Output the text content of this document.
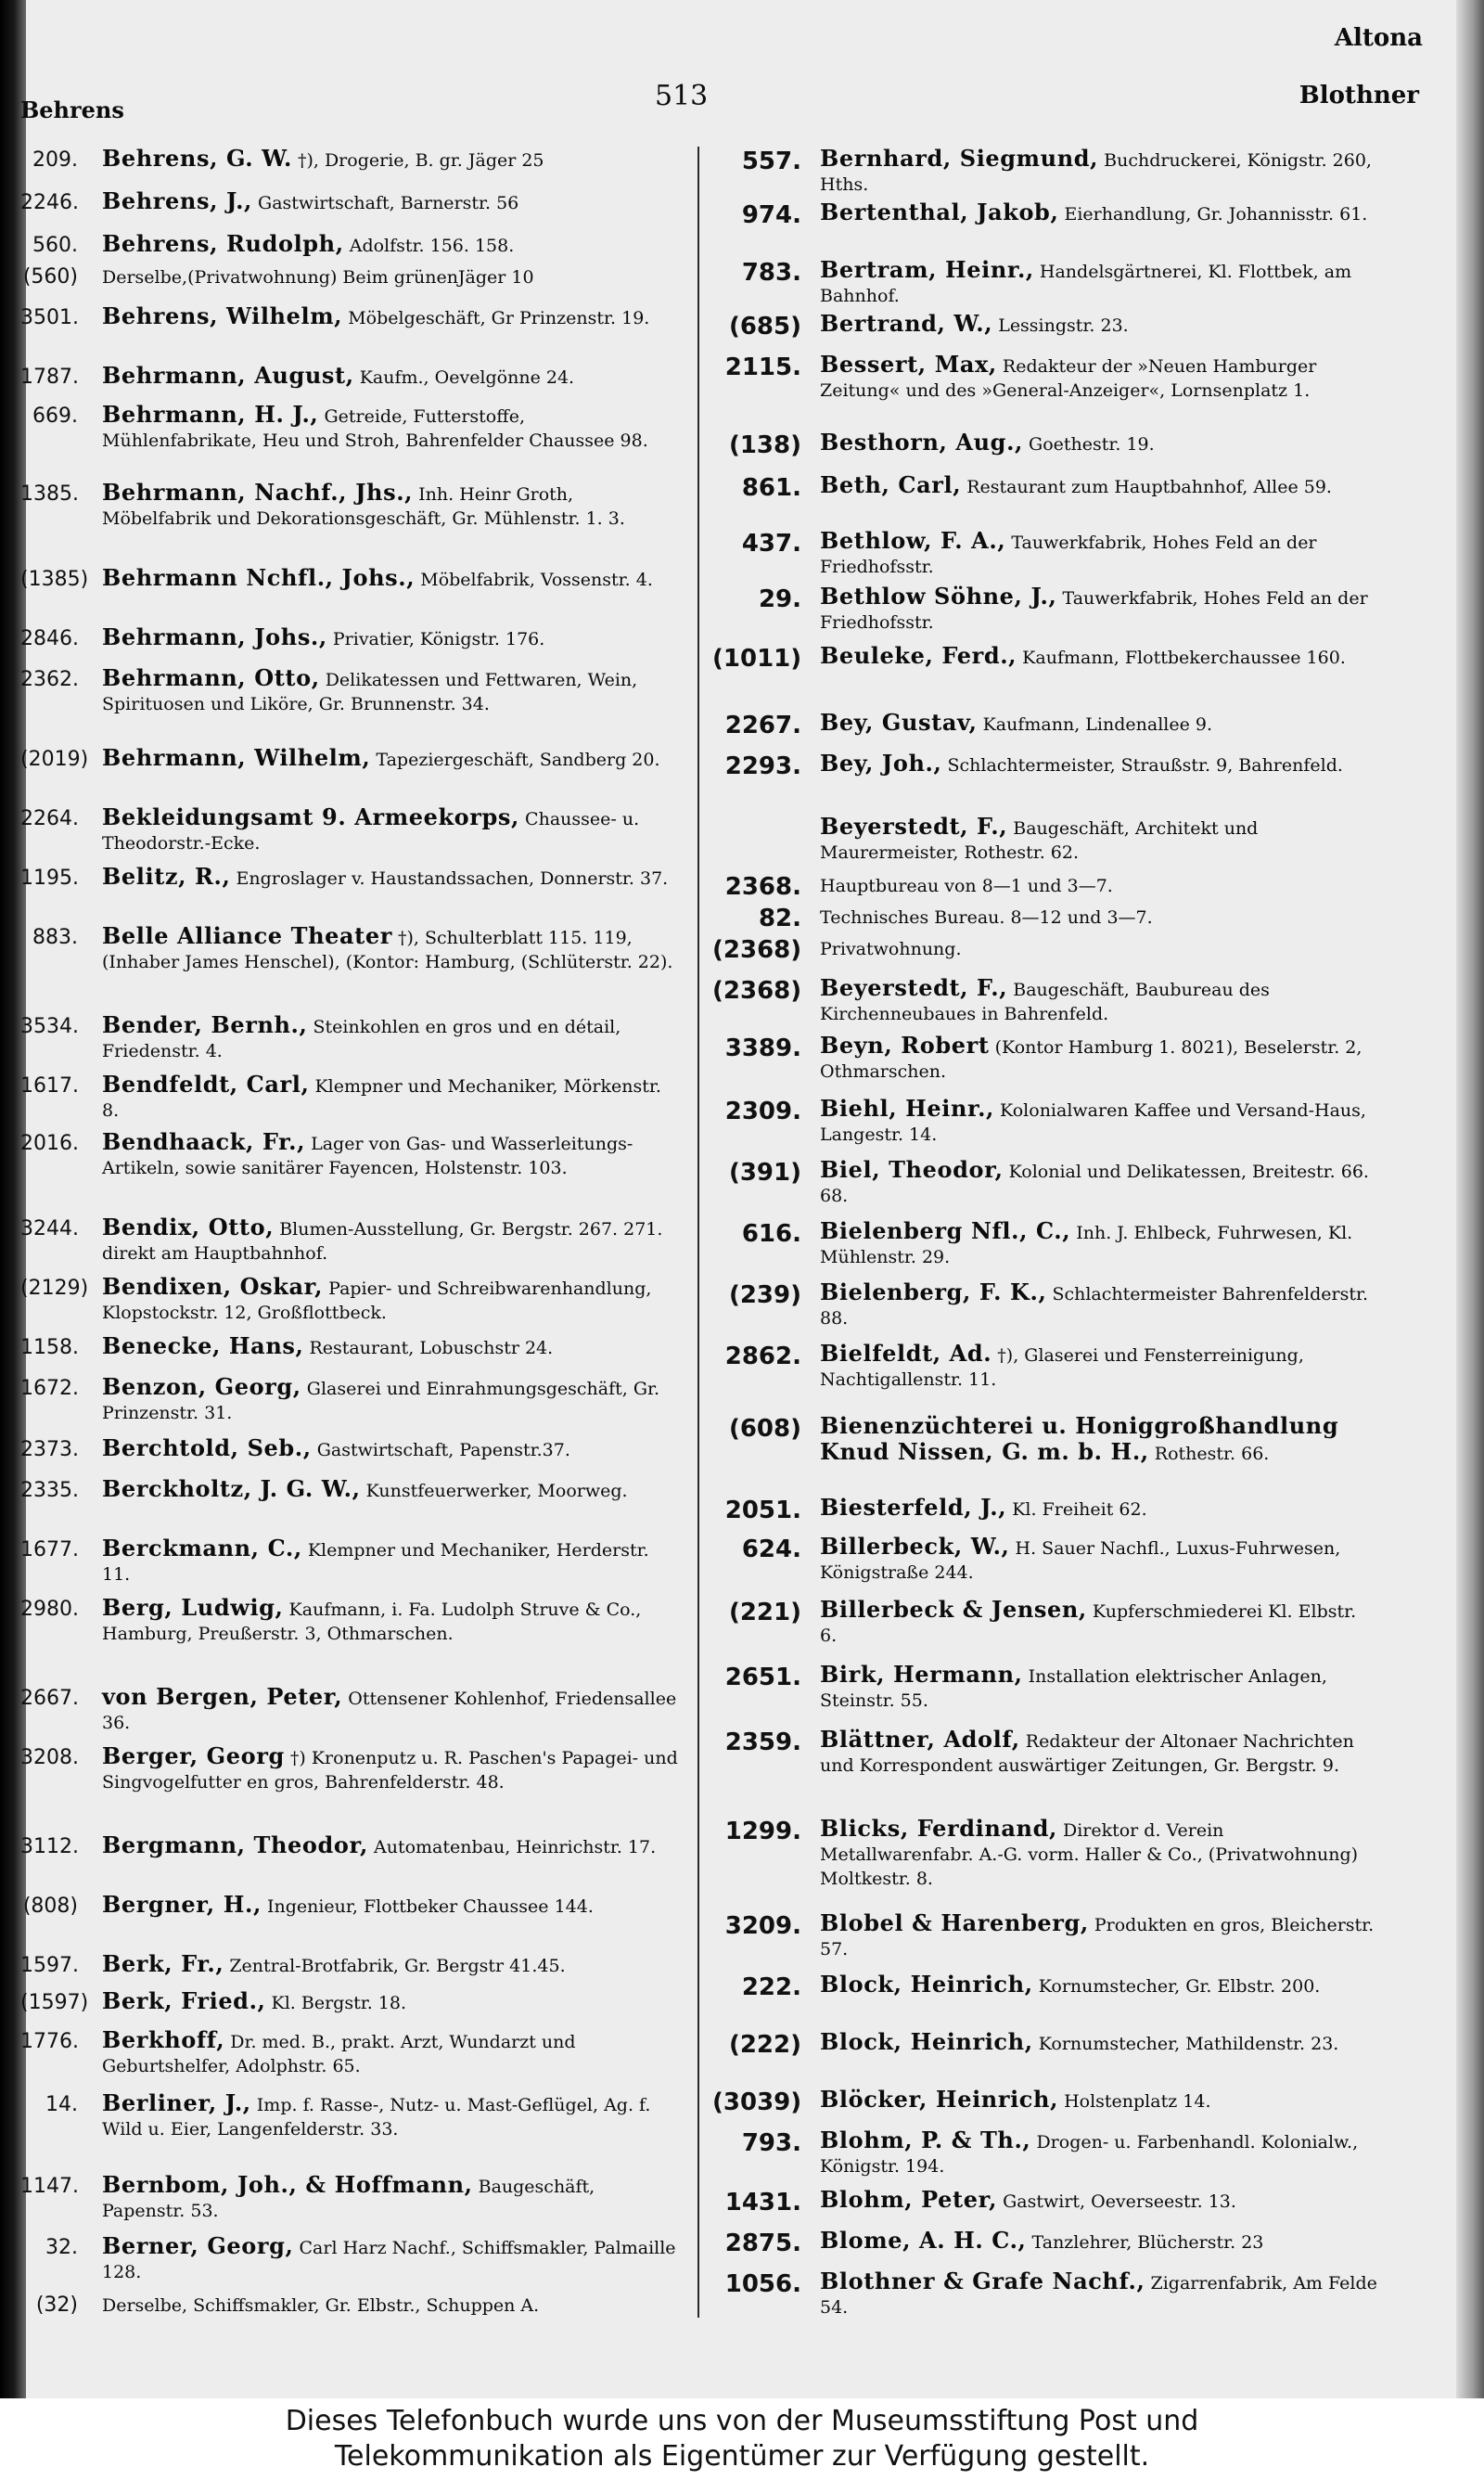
Behrens	513
Altona
Blothner
209.	Behrens, G. W. †), Drogerie, B. gr. Jäger 25
2246.	Behrens, J., Gastwirtschaft, Barnerstr. 56
560.	Behrens, Rudolph, Adolfstr. 156. 158.
(560)	Derselbe,(Privatwohnung) Beim grünenJäger 10
3501.	Behrens, Wilhelm, Möbelgeschäft, Gr Prinzenstr. 19.
1787.	Behrmann, August, Kaufm., Oevelgönne 24.
669.	Behrmann, H. J., Getreide, Futterstoffe, Mühlenfabrikate, Heu und Stroh, Bahrenfelder Chaussee 98.
1385.	Behrmann, Nachf., Jhs., Inh. Heinr Groth, Möbelfabrik und Dekorationsgeschäft, Gr. Mühlenstr. 1. 3.
(1385) Behrmann Nchfl., Johs., Möbelfabrik, Vossenstr. 4.
2846.	Behrmann, Johs., Privatier, Königstr. 176.
2362.	Behrmann, Otto, Delikatessen und Fettwaren, Wein, Spirituosen und Liköre, Gr. Brunnenstr. 34.
(2019) Behrmann, Wilhelm, Tapeziergeschäft, Sandberg 20.
2264.	Bekleidungsamt 9. Armeekorps, Chaussee- u. Theodorstr.-Ecke.
1195.	Belitz, R., Engroslager v. Haustandssachen, Donnerstr. 37.
883.	Belle Alliance Theater †), Schulterblatt 115. 119, (Inhaber James Henschel), (Kontor: Hamburg, (Schlüterstr. 22).
3534.	Bender, Bernh., Steinkohlen en gros und en détail, Friedenstr. 4.
1617.	Bendfeldt, Carl, Klempner und Mechaniker, Mörkenstr. 8.
2016.	Bendhaack, Fr., Lager von Gas- und Wasserleitungs-Artikeln, sowie sanitärer Fayencen, Holstenstr. 103.
3244.	Bendix, Otto, Blumen-Ausstellung, Gr. Bergstr. 267. 271. direkt am Hauptbahnhof.
(2129) Bendixen, Oskar, Papier- und Schreibwarenhandlung, Klopstockstr. 12, Großflottbeck.
1158.	Benecke, Hans, Restaurant, Lobuschstr 24.
1672.	Benzon, Georg, Glaserei und Einrahmungsgeschäft, Gr. Prinzenstr. 31.
2373.	Berchtold, Seb., Gastwirtschaft, Papenstr.37.
2335.	Berckholtz, J. G. W., Kunstfeuerwerker, Moorweg.
1677.	Berckmann, C., Klempner und Mechaniker, Herderstr. 11.
2980.	Berg, Ludwig, Kaufmann, i. Fa. Ludolph Struve & Co., Hamburg, Preußerstr. 3, Othmarschen.
2667.	von Bergen, Peter, Ottensener Kohlenhof, Friedensallee 36.
3208.	Berger, Georg †) Kronenputz u. R. Paschen's Papagei- und Singvogelfutter en gros, Bahrenfelderstr. 48.
3112.	Bergmann, Theodor, Automatenbau, Heinrichstr. 17.
(808)	Bergner, H., Ingenieur, Flottbeker Chaussee 144.
1597.	Berk, Fr., Zentral-Brotfabrik, Gr. Bergstr 41.45.
(1597) Berk, Fried., Kl. Bergstr. 18.
1776.	Berkhoff, Dr. med. B., prakt. Arzt, Wundarzt und Geburtshelfer, Adolphstr. 65.
14.	Berliner, J., Imp. f. Rasse-, Nutz- u. Mast-Geflügel, Ag. f. Wild u. Eier, Langenfelderstr. 33.
1147.	Bernbom, Joh., & Hoffmann, Baugeschäft, Papenstr. 53.
32.	Berner, Georg, Carl Harz Nachf., Schiffsmakler, Palmaille 128.
(32)	Derselbe, Schiffsmakler, Gr. Elbstr., Schuppen A.
557. Bernhard, Siegmund, Buchdruckerei, Königstr. 260, Hths.
974. Bertenthal, Jakob, Eierhandlung, Gr. Johannisstr. 61.
783. Bertram, Heinr., Handelsgärtnerei, Kl. Flottbek, am Bahnhof.
(685) Bertrand, W., Lessingstr. 23.
2115. Bessert, Max, Redakteur der »Neuen Hamburger Zeitung« und des »General-Anzeiger«, Lornsenplatz 1.
(138) Besthorn, Aug., Goethestr. 19.
861. Beth, Carl, Restaurant zum Hauptbahnhof, Allee 59.
437. Bethlow, F. A., Tauwerkfabrik, Hohes Feld an der Friedhofsstr.
29. Bethlow Söhne, J., Tauwerkfabrik, Hohes Feld an der Friedhofsstr.
(1011) Beuleke, Ferd., Kaufmann, Flottbekerchaussee 160.
2267. Bey, Gustav, Kaufmann, Lindenallee 9.
2293. Bey, Joh., Schlachtermeister, Straußstr. 9, Bahrenfeld.
Beyerstedt, F., Baugeschäft, Architekt und Maurermeister, Rothestr. 62.
2368.	Hauptbureau von 8—1 und 3—7.
82.	Technisches Bureau. 8—12 und 3—7.
(2368)	Privatwohnung.
(2368) Beyerstedt, F., Baugeschäft, Baubureau des Kirchenneubaues in Bahrenfeld.
3389. Beyn, Robert (Kontor Hamburg 1. 8021), Beselerstr. 2, Othmarschen.
2309. Biehl, Heinr., Kolonialwaren Kaffee und Versand-Haus, Langestr. 14.
(391) Biel, Theodor, Kolonial und Delikatessen, Breitestr. 66. 68.
616. Bielenberg Nfl., C., Inh. J. Ehlbeck, Fuhrwesen, Kl. Mühlenstr. 29.
(239) Bielenberg, F. K., Schlachtermeister Bahrenfelderstr. 88.
2862. Bielfeldt, Ad. †), Glaserei und Fensterreinigung, Nachtigallenstr. 11.
(608) Bienenzüchterei u. Honiggroßhandlung Knud Nissen, G. m. b. H., Rothestr. 66.
2051. Biesterfeld, J., Kl. Freiheit 62.
624. Billerbeck, W., H. Sauer Nachfl., Luxus-Fuhrwesen, Königstraße 244.
(221) Billerbeck & Jensen, Kupferschmiederei Kl. Elbstr. 6.
2651. Birk, Hermann, Installation elektrischer Anlagen, Steinstr. 55.
2359. Blättner, Adolf, Redakteur der Altonaer Nachrichten und Korrespondent auswärtiger Zeitungen, Gr. Bergstr. 9.
1299. Blicks, Ferdinand, Direktor d. Verein Metallwarenfabr. A.-G. vorm. Haller & Co., (Privatwohnung) Moltkestr. 8.
3209. Blobel & Harenberg, Produkten en gros, Bleicherstr. 57.
222. Block, Heinrich, Kornumstecher, Gr. Elbstr. 200.
(222) Block, Heinrich, Kornumstecher, Mathildenstr. 23.
(3039) Blöcker, Heinrich, Holstenplatz 14.
793. Blohm, P. & Th., Drogen- u. Farbenhandl. Kolonialw., Königstr. 194.
1431. Blohm, Peter, Gastwirt, Oeverseestr. 13.
2875. Blome, A. H. C., Tanzlehrer, Blücherstr. 23
1056. Blothner & Grafe Nachf., Zigarrenfabrik, Am Felde 54.
Dieses Telefonbuch wurde uns von der Museumsstiftung Post und
Telekommunikation als Eigentümer zur Verfügung gestellt.
